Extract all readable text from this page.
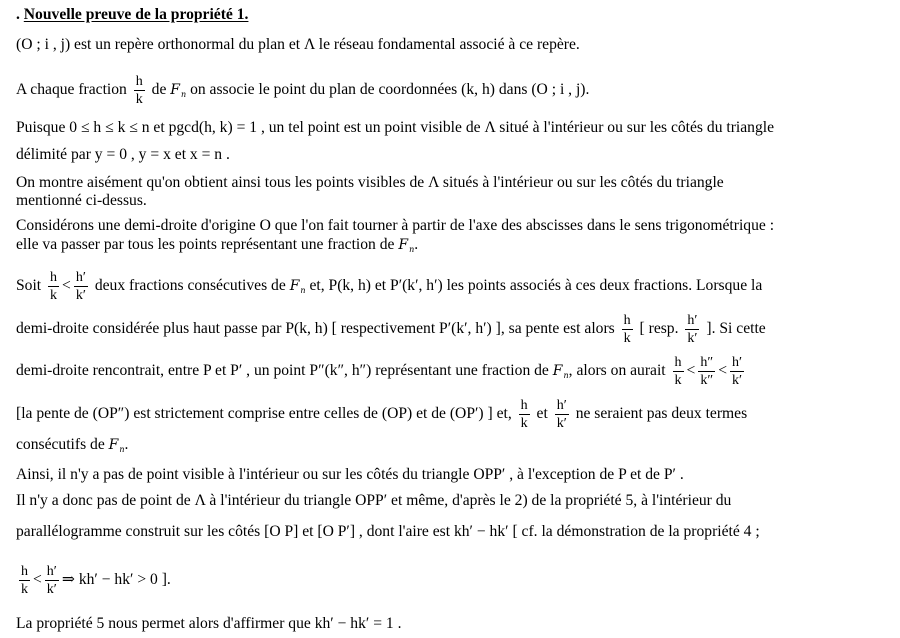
. Nouvelle preuve de la propriété 1.
(O ; i , j) est un repère orthonormal du plan et Λ le réseau fondamental associé à ce repère.
A chaque fraction $\frac{h}{k}$ de $F_n$ on associe le point du plan de coordonnées (k, h) dans (O ; i , j).
Puisque 0 ≤ h ≤ k ≤ n et pgcd(h, k) = 1 , un tel point est un point visible de Λ situé à l'intérieur ou sur les côtés du triangle
délimité par y = 0 , y = x et x = n .
On montre aisément qu'on obtient ainsi tous les points visibles de Λ situés à l'intérieur ou sur les côtés du triangle
mentionné ci-dessus.
Considérons une demi-droite d'origine O que l'on fait tourner à partir de l'axe des abscisses dans le sens trigonométrique :
elle va passer par tous les points représentant une fraction de $F_n$.
Soit $\frac{h}{k} < \frac{h'}{k'}$ deux fractions consécutives de $F_n$ et, P(k, h) et P′(k′, h′) les points associés à ces deux fractions. Lorsque la
demi-droite considérée plus haut passe par P(k, h) [ respectivement P′(k′, h′) ], sa pente est alors $\frac{h}{k}$ [ resp. $\frac{h'}{k'}$ ]. Si cette
demi-droite rencontrait, entre P et P′ , un point P″(k″, h″) représentant une fraction de $F_n$, alors on aurait $\frac{h}{k} < \frac{h''}{k''} < \frac{h'}{k'}$
[la pente de (OP″) est strictement comprise entre celles de (OP) et de (OP′) ] et, $\frac{h}{k}$ et $\frac{h'}{k'}$ ne seraient pas deux termes
consécutifs de $F_n$.
Ainsi, il n'y a pas de point visible à l'intérieur ou sur les côtés du triangle OPP′ , à l'exception de P et de P′ .
Il n'y a donc pas de point de Λ à l'intérieur du triangle OPP′ et même, d'après le 2) de la propriété 5, à l'intérieur du
parallélogramme construit sur les côtés [O P] et [O P′] , dont l'aire est kh′ − hk′ [ cf. la démonstration de la propriété 4 ;
$\frac{h}{k} < \frac{h'}{k'}$ ⇒ kh′ − hk′ > 0 ].
La propriété 5 nous permet alors d'affirmer que kh′ − hk′ = 1 .
